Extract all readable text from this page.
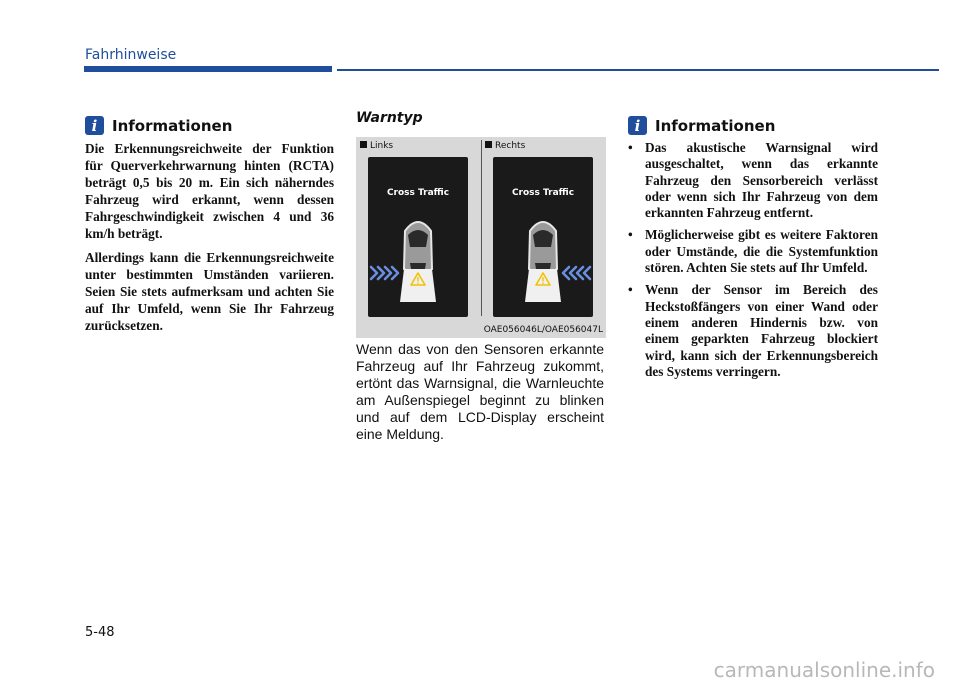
Fahrhinweise
i Informationen

Die Erkennungsreichweite der Funktion für Querverkehrwarnung hinten (RCTA) beträgt 0,5 bis 20 m. Ein sich näherndes Fahrzeug wird erkannt, wenn dessen Fahrgeschwindigkeit zwischen 4 und 36 km/h beträgt.

Allerdings kann die Erkennungsreichweite unter bestimmten Umständen variieren. Seien Sie stets aufmerksam und achten Sie auf Ihr Umfeld, wenn Sie Ihr Fahrzeug zurücksetzen.

Warntyp
Links	Rechts
Cross Traffic	Cross Traffic
OAE056046L/OAE056047L
Wenn das von den Sensoren erkannte Fahrzeug auf Ihr Fahrzeug zukommt, ertönt das Warnsignal, die Warnleuchte am Außenspiegel beginnt zu blinken und auf dem LCD-Display erscheint eine Meldung.
i Informationen
• Das akustische Warnsignal wird ausgeschaltet, wenn das erkannte Fahrzeug den Sensorbereich verlässt oder wenn sich Ihr Fahrzeug von dem erkannten Fahrzeug entfernt.
• Möglicherweise gibt es weitere Faktoren oder Umstände, die die Systemfunktion stören. Achten Sie stets auf Ihr Umfeld.
• Wenn der Sensor im Bereich des Heckstoßfängers von einer Wand oder einem anderen Hindernis bzw. von einem geparkten Fahrzeug blockiert wird, kann sich der Erkennungsbereich des Systems verringern.
5-48
carmanualsonline.info
